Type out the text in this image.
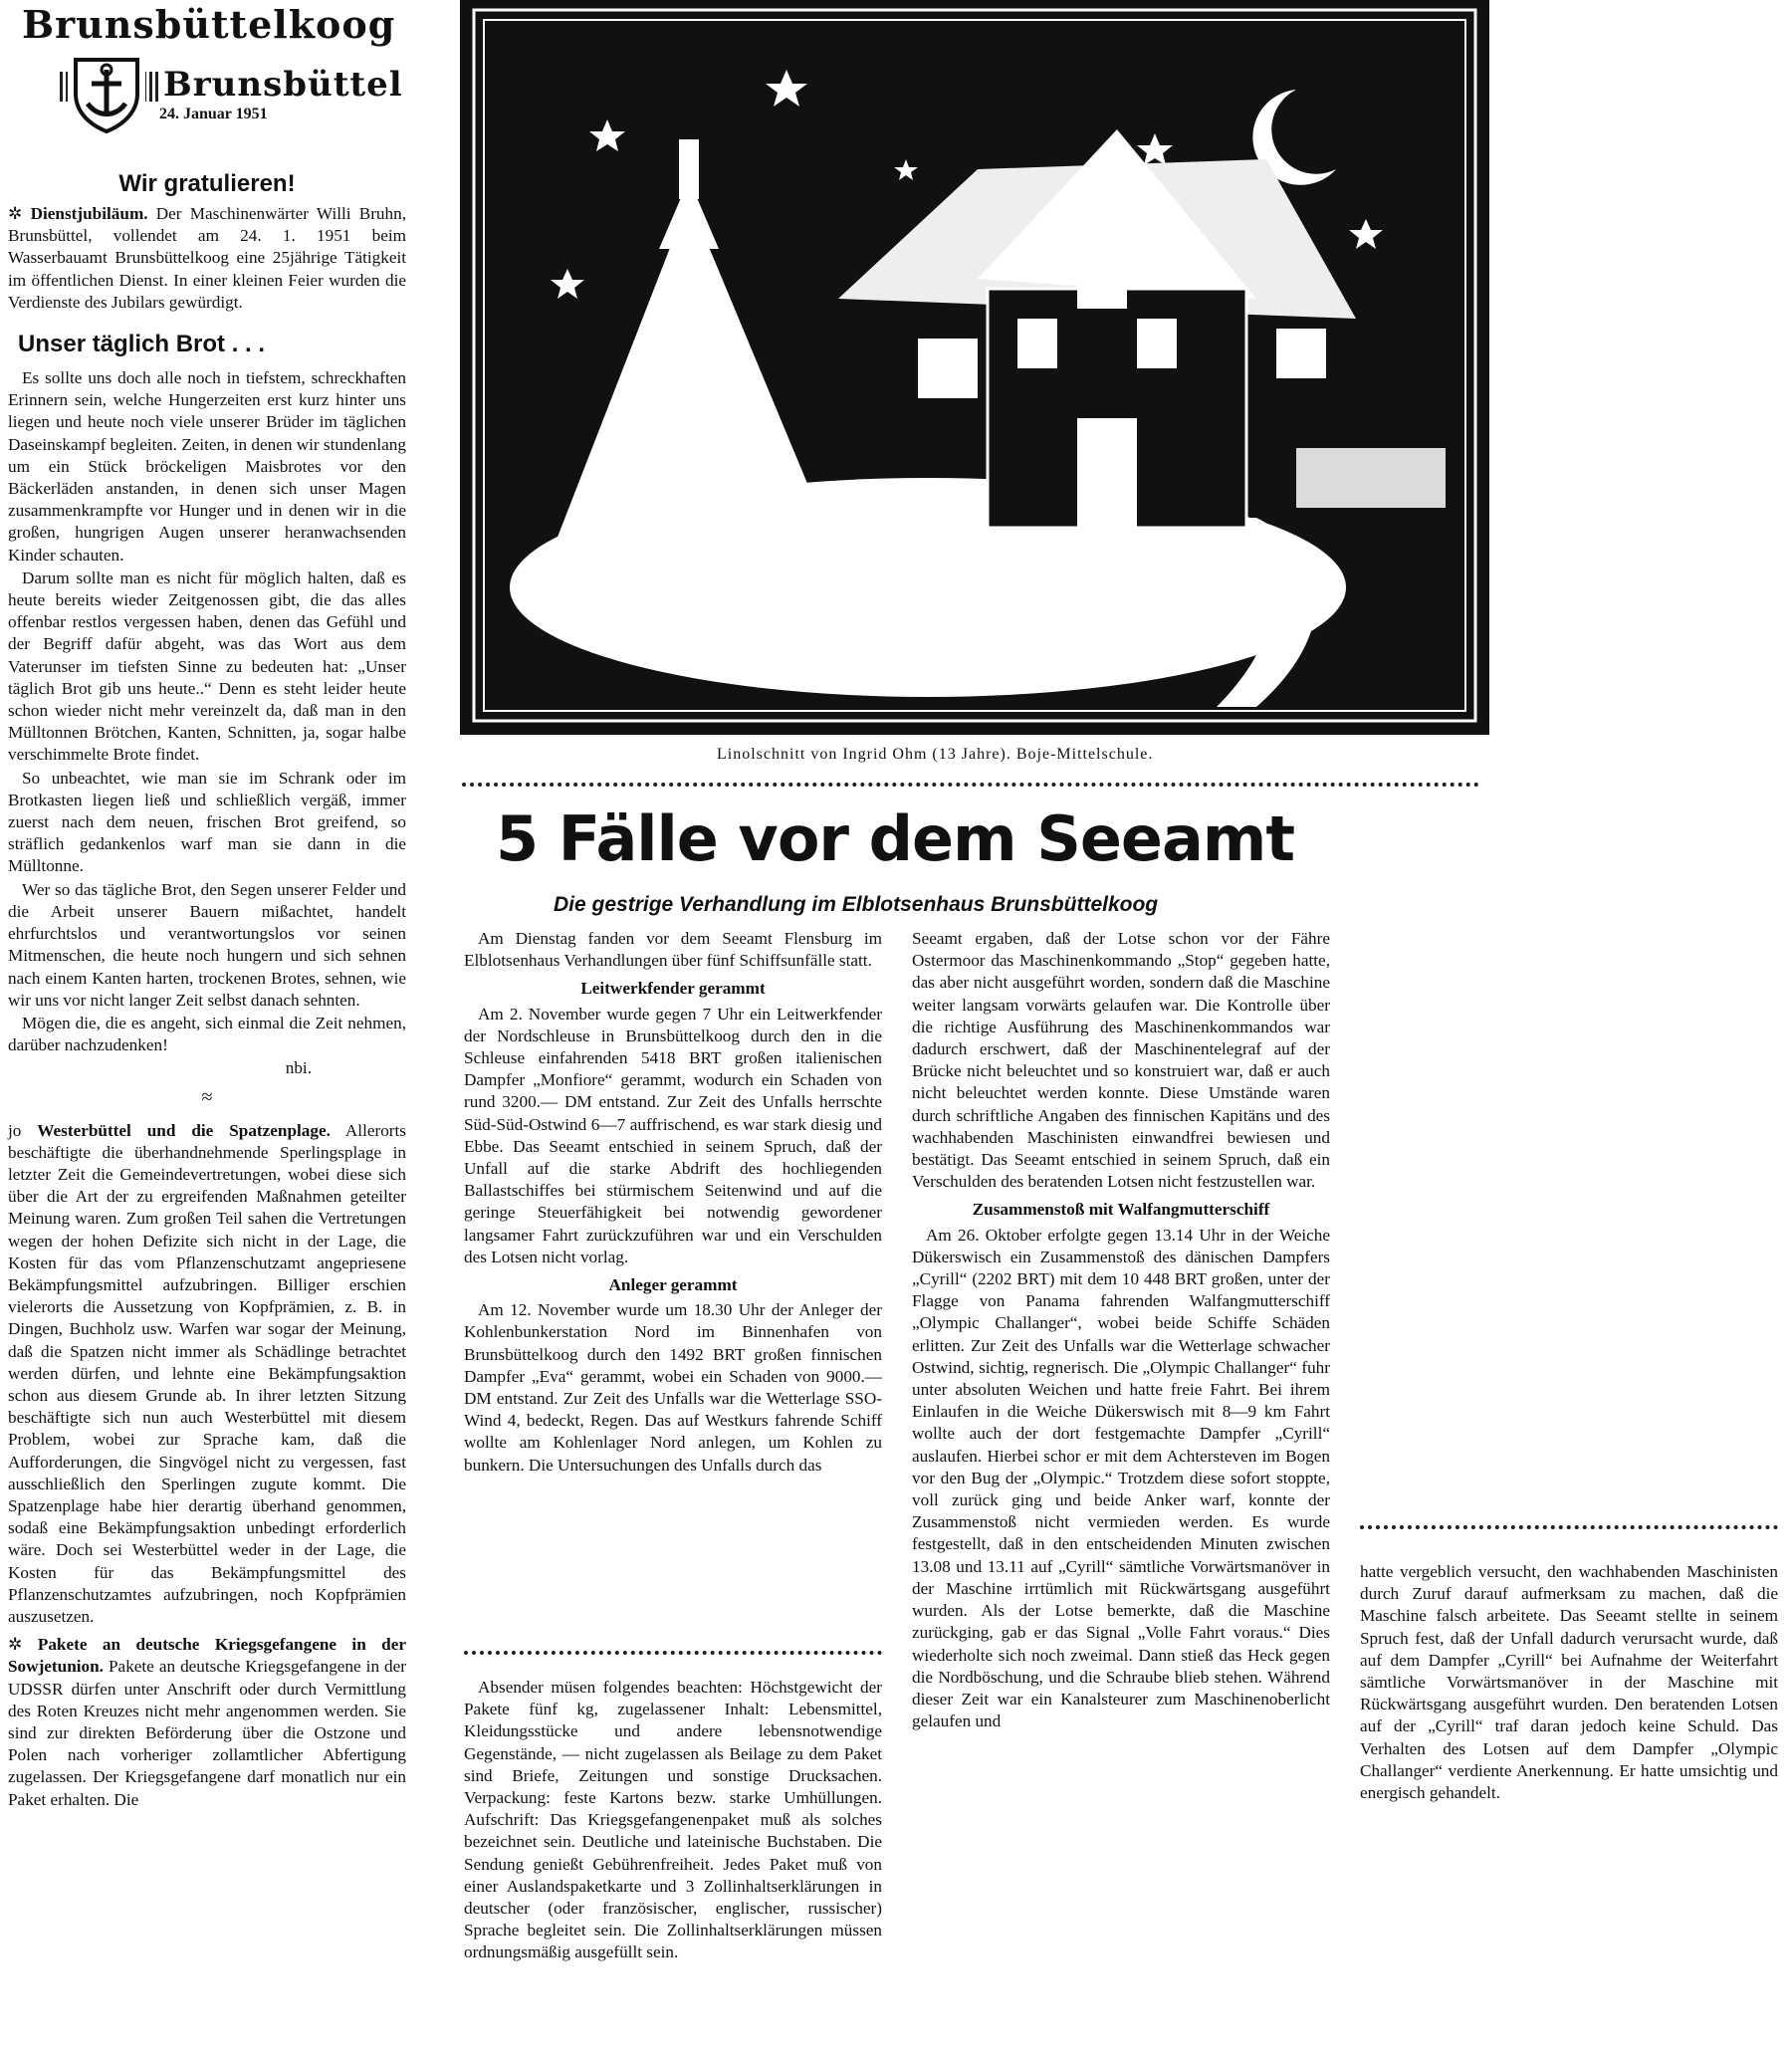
Brunsbüttelkoog
Brunsbüttel
24. Januar 1951
Wir gratulieren!

✲ Dienstjubiläum. Der Maschinenwärter Willi Bruhn, Brunsbüttel, vollendet am 24. 1. 1951 beim Wasserbauamt Brunsbüttelkoog eine 25jährige Tätigkeit im öffentlichen Dienst. In einer kleinen Feier wurden die Verdienste des Jubilars gewürdigt.

Unser täglich Brot . . .

Es sollte uns doch alle noch in tiefstem, schreckhaften Erinnern sein, welche Hungerzeiten erst kurz hinter uns liegen und heute noch viele unserer Brüder im täglichen Daseinskampf begleiten. Zeiten, in denen wir stundenlang um ein Stück bröckeligen Maisbrotes vor den Bäckerläden anstanden, in denen sich unser Magen zusammenkrampfte vor Hunger und in denen wir in die großen, hungrigen Augen unserer heranwachsenden Kinder schauten.

Darum sollte man es nicht für möglich halten, daß es heute bereits wieder Zeitgenossen gibt, die das alles offenbar restlos vergessen haben, denen das Gefühl und der Begriff dafür abgeht, was das Wort aus dem Vaterunser im tiefsten Sinne zu bedeuten hat: „Unser täglich Brot gib uns heute..“ Denn es steht leider heute schon wieder nicht mehr vereinzelt da, daß man in den Mülltonnen Brötchen, Kanten, Schnitten, ja, sogar halbe verschimmelte Brote findet.

So unbeachtet, wie man sie im Schrank oder im Brotkasten liegen ließ und schließlich vergäß, immer zuerst nach dem neuen, frischen Brot greifend, so sträflich gedankenlos warf man sie dann in die Mülltonne.

Wer so das tägliche Brot, den Segen unserer Felder und die Arbeit unserer Bauern mißachtet, handelt ehrfurchtslos und verantwortungslos vor seinen Mitmenschen, die heute noch hungern und sich sehnen nach einem Kanten harten, trockenen Brotes, sehnen, wie wir uns vor nicht langer Zeit selbst danach sehnten.

Mögen die, die es angeht, sich einmal die Zeit nehmen, darüber nachzudenken!

nbi.
≈

jo Westerbüttel und die Spatzenplage. Allerorts beschäftigte die überhandnehmende Sperlingsplage in letzter Zeit die Gemeindevertretungen, wobei diese sich über die Art der zu ergreifenden Maßnahmen geteilter Meinung waren. Zum großen Teil sahen die Vertretungen wegen der hohen Defizite sich nicht in der Lage, die Kosten für das vom Pflanzenschutzamt angepriesene Bekämpfungsmittel aufzubringen. Billiger erschien vielerorts die Aussetzung von Kopfprämien, z. B. in Dingen, Buchholz usw. Warfen war sogar der Meinung, daß die Spatzen nicht immer als Schädlinge betrachtet werden dürfen, und lehnte eine Bekämpfungsaktion schon aus diesem Grunde ab. In ihrer letzten Sitzung beschäftigte sich nun auch Westerbüttel mit diesem Problem, wobei zur Sprache kam, daß die Aufforderungen, die Singvögel nicht zu vergessen, fast ausschließlich den Sperlingen zugute kommt. Die Spatzenplage habe hier derartig überhand genommen, sodaß eine Bekämpfungsaktion unbedingt erforderlich wäre. Doch sei Westerbüttel weder in der Lage, die Kosten für das Bekämpfungsmittel des Pflanzenschutzamtes aufzubringen, noch Kopfprämien auszusetzen.

✲ Pakete an deutsche Kriegsgefangene in der Sowjetunion. Pakete an deutsche Kriegsgefangene in der UDSSR dürfen unter Anschrift oder durch Vermittlung des Roten Kreuzes nicht mehr angenommen werden. Sie sind zur direkten Beförderung über die Ostzone und Polen nach vorheriger zollamtlicher Abfertigung zugelassen. Der Kriegsgefangene darf monatlich nur ein Paket erhalten. Die

Linolschnitt von Ingrid Ohm (13 Jahre). Boje-Mittelschule.
5 Fälle vor dem Seeamt
Die gestrige Verhandlung im Elblotsenhaus Brunsbüttelkoog

Am Dienstag fanden vor dem Seeamt Flensburg im Elblotsenhaus Verhandlungen über fünf Schiffsunfälle statt.

Leitwerkfender gerammt

Am 2. November wurde gegen 7 Uhr ein Leitwerkfender der Nordschleuse in Brunsbüttelkoog durch den in die Schleuse einfahrenden 5418 BRT großen italienischen Dampfer „Monfiore“ gerammt, wodurch ein Schaden von rund 3200.— DM entstand. Zur Zeit des Unfalls herrschte Süd-Süd-Ostwind 6—7 auffrischend, es war stark diesig und Ebbe. Das Seeamt entschied in seinem Spruch, daß der Unfall auf die starke Abdrift des hochliegenden Ballastschiffes bei stürmischem Seitenwind und auf die geringe Steuerfähigkeit bei notwendig gewordener langsamer Fahrt zurückzuführen war und ein Verschulden des Lotsen nicht vorlag.

Anleger gerammt

Am 12. November wurde um 18.30 Uhr der Anleger der Kohlenbunkerstation Nord im Binnenhafen von Brunsbüttelkoog durch den 1492 BRT großen finnischen Dampfer „Eva“ gerammt, wobei ein Schaden von 9000.— DM entstand. Zur Zeit des Unfalls war die Wetterlage SSO-Wind 4, bedeckt, Regen. Das auf Westkurs fahrende Schiff wollte am Kohlenlager Nord anlegen, um Kohlen zu bunkern. Die Untersuchungen des Unfalls durch das

Absender müsen folgendes beachten: Höchstgewicht der Pakete fünf kg, zugelassener Inhalt: Lebensmittel, Kleidungsstücke und andere lebensnotwendige Gegenstände, — nicht zugelassen als Beilage zu dem Paket sind Briefe, Zeitungen und sonstige Drucksachen. Verpackung: feste Kartons bezw. starke Umhüllungen. Aufschrift: Das Kriegsgefangenenpaket muß als solches bezeichnet sein. Deutliche und lateinische Buchstaben. Die Sendung genießt Gebührenfreiheit. Jedes Paket muß von einer Auslandspaketkarte und 3 Zollinhaltserklärungen in deutscher (oder französischer, englischer, russischer) Sprache begleitet sein. Die Zollinhaltserklärungen müssen ordnungsmäßig ausgefüllt sein.

Seeamt ergaben, daß der Lotse schon vor der Fähre Ostermoor das Maschinenkommando „Stop“ gegeben hatte, das aber nicht ausgeführt worden, sondern daß die Maschine weiter langsam vorwärts gelaufen war. Die Kontrolle über die richtige Ausführung des Maschinenkommandos war dadurch erschwert, daß der Maschinentelegraf auf der Brücke nicht beleuchtet und so konstruiert war, daß er auch nicht beleuchtet werden konnte. Diese Umstände waren durch schriftliche Angaben des finnischen Kapitäns und des wachhabenden Maschinisten einwandfrei bewiesen und bestätigt. Das Seeamt entschied in seinem Spruch, daß ein Verschulden des beratenden Lotsen nicht festzustellen war.

Zusammenstoß mit Walfangmutterschiff

Am 26. Oktober erfolgte gegen 13.14 Uhr in der Weiche Dükerswisch ein Zusammenstoß des dänischen Dampfers „Cyrill“ (2202 BRT) mit dem 10 448 BRT großen, unter der Flagge von Panama fahrenden Walfangmutterschiff „Olympic Challanger“, wobei beide Schiffe Schäden erlitten. Zur Zeit des Unfalls war die Wetterlage schwacher Ostwind, sichtig, regnerisch. Die „Olympic Challanger“ fuhr unter absoluten Weichen und hatte freie Fahrt. Bei ihrem Einlaufen in die Weiche Dükerswisch mit 8—9 km Fahrt wollte auch der dort festgemachte Dampfer „Cyrill“ auslaufen. Hierbei schor er mit dem Achtersteven im Bogen vor den Bug der „Olympic.“ Trotzdem diese sofort stoppte, voll zurück ging und beide Anker warf, konnte der Zusammenstoß nicht vermieden werden. Es wurde festgestellt, daß in den entscheidenden Minuten zwischen 13.08 und 13.11 auf „Cyrill“ sämtliche Vorwärtsmanöver in der Maschine irrtümlich mit Rückwärtsgang ausgeführt wurden. Als der Lotse bemerkte, daß die Maschine zurückging, gab er das Signal „Volle Fahrt voraus.“ Dies wiederholte sich noch zweimal. Dann stieß das Heck gegen die Nordböschung, und die Schraube blieb stehen. Während dieser Zeit war ein Kanalsteurer zum Maschinenoberlicht gelaufen und

hatte vergeblich versucht, den wachhabenden Maschinisten durch Zuruf darauf aufmerksam zu machen, daß die Maschine falsch arbeitete. Das Seeamt stellte in seinem Spruch fest, daß der Unfall dadurch verursacht wurde, daß auf dem Dampfer „Cyrill“ bei Aufnahme der Weiterfahrt sämtliche Vorwärtsmanöver in der Maschine mit Rückwärtsgang ausgeführt wurden. Den beratenden Lotsen auf der „Cyrill“ traf daran jedoch keine Schuld. Das Verhalten des Lotsen auf dem Dampfer „Olympic Challanger“ verdiente Anerkennung. Er hatte umsichtig und energisch gehandelt.
